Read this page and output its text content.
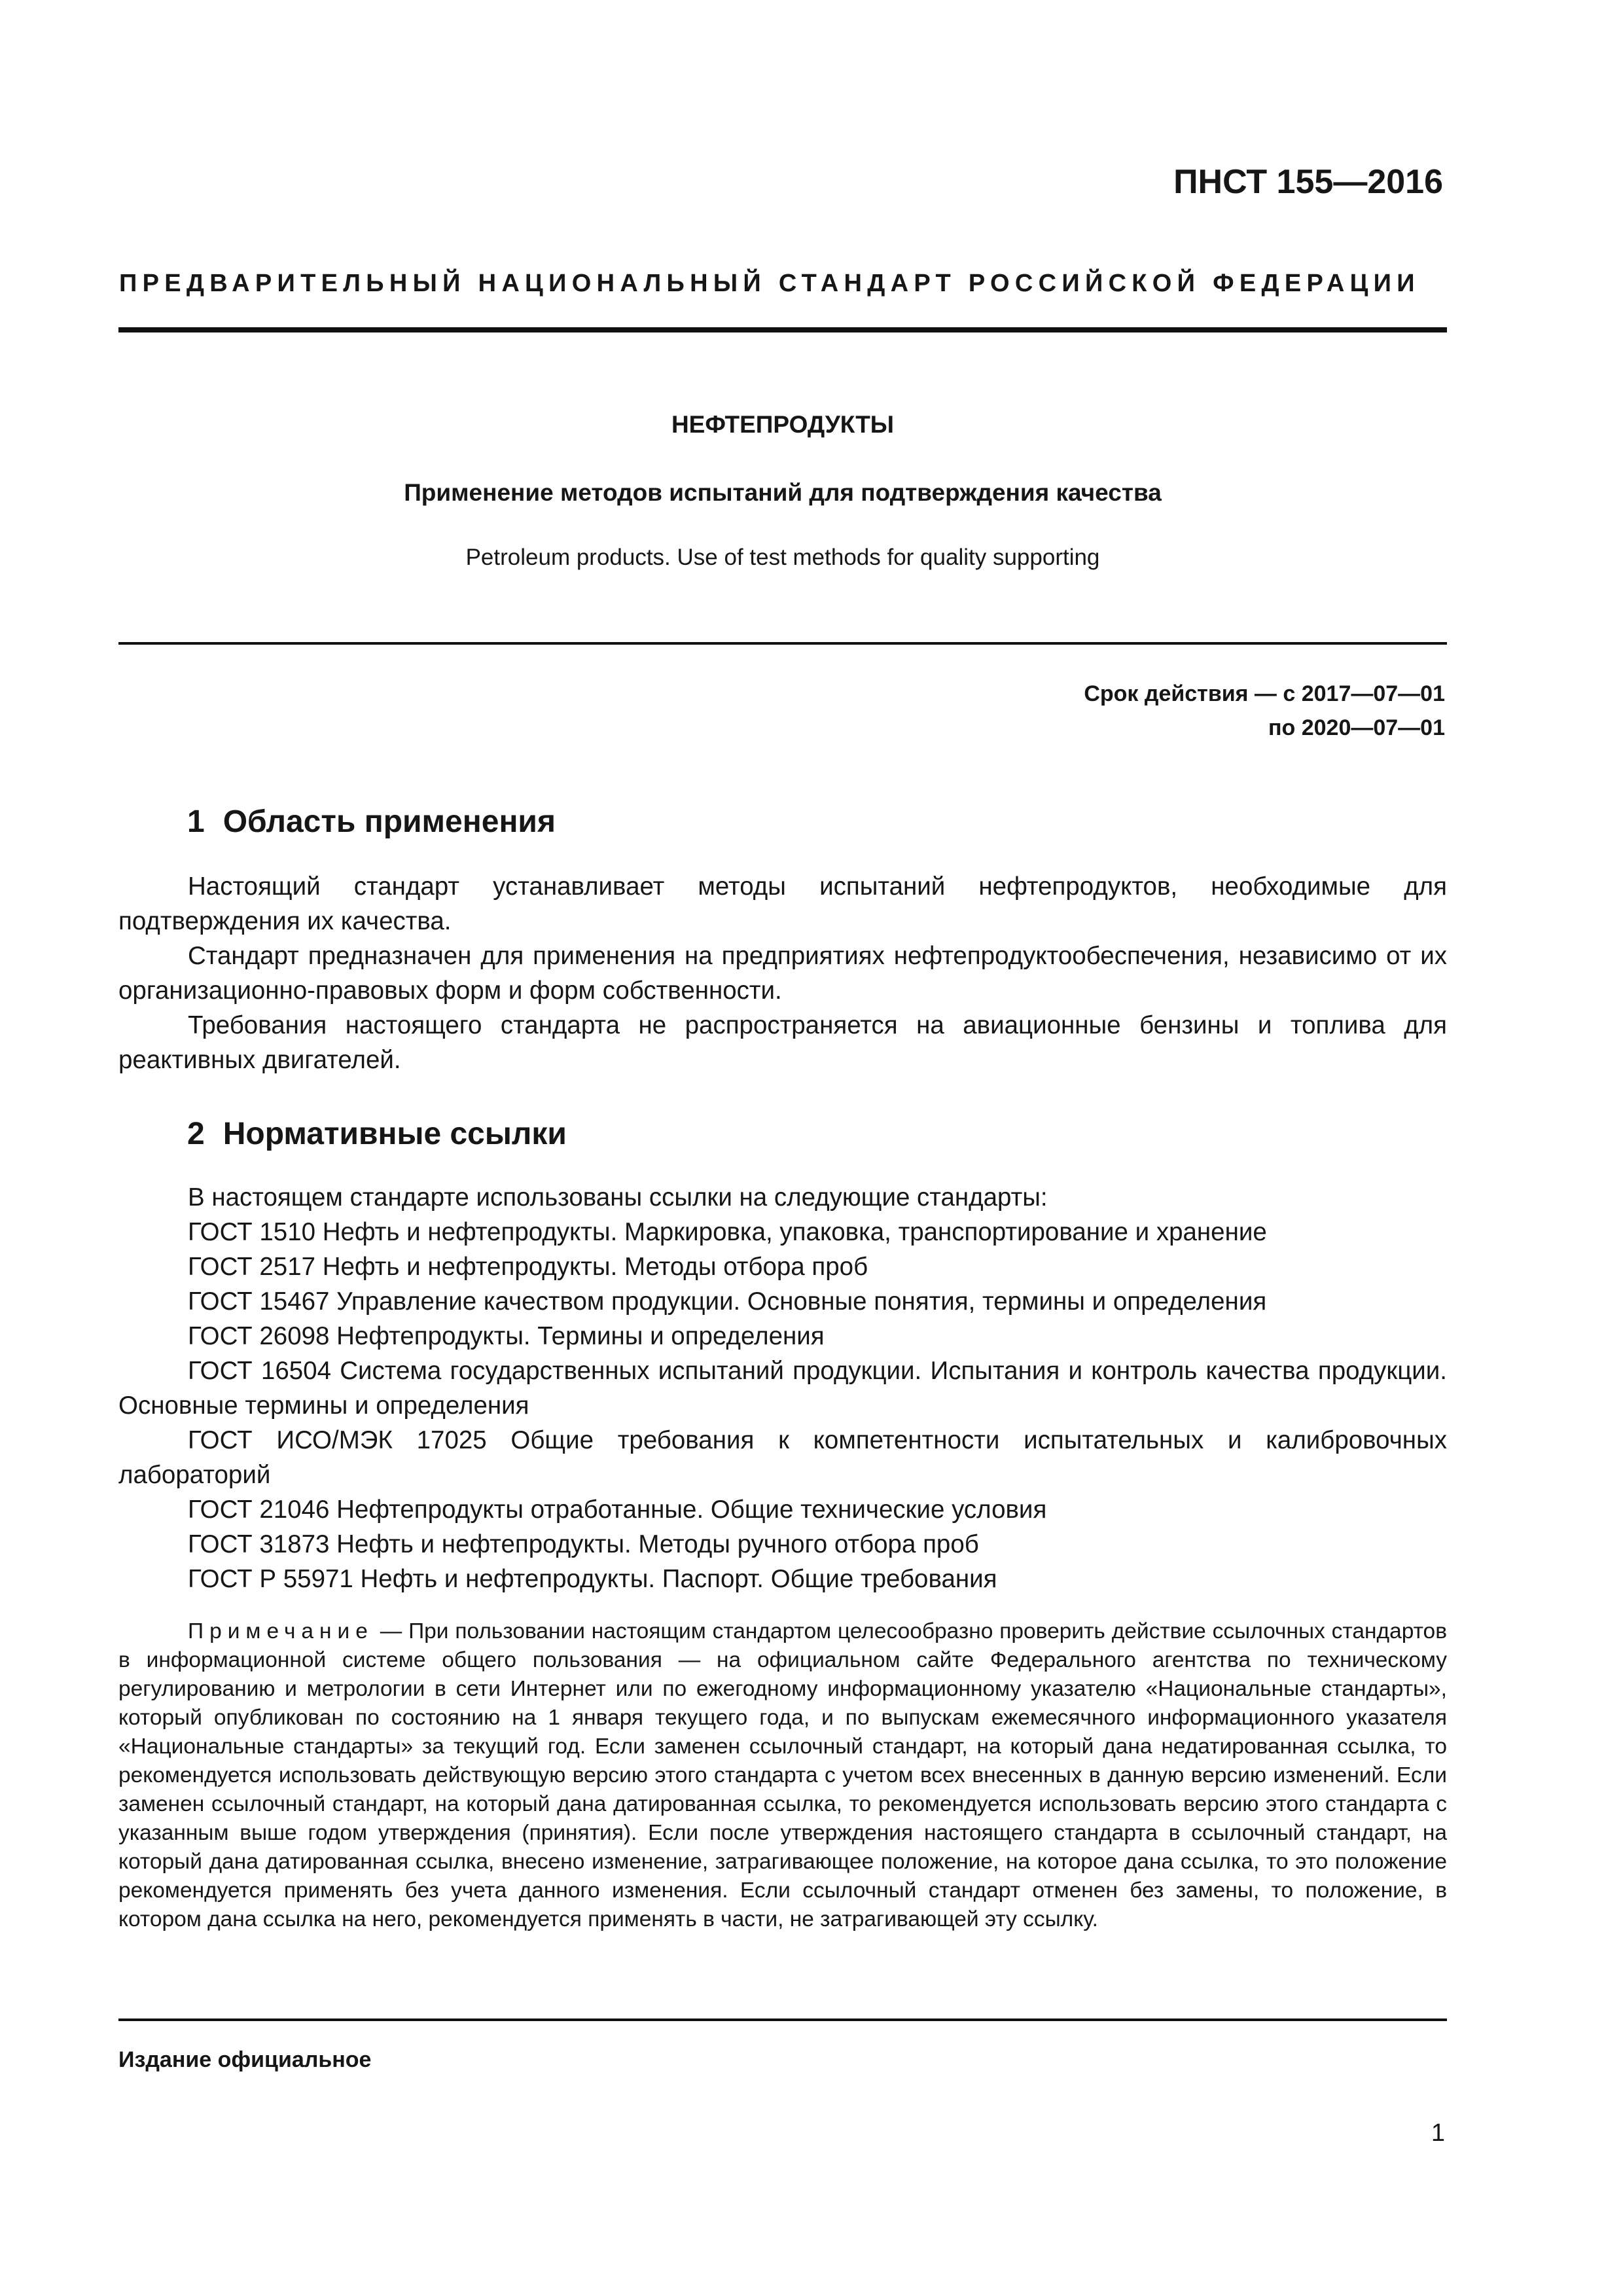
ПНСТ 155—2016
ПРЕДВАРИТЕЛЬНЫЙ НАЦИОНАЛЬНЫЙ СТАНДАРТ РОССИЙСКОЙ ФЕДЕРАЦИИ
НЕФТЕПРОДУКТЫ
Применение методов испытаний для подтверждения качества
Petroleum products. Use of test methods for quality supporting
Срок действия — с 2017—07—01
по 2020—07—01
1 Область применения

Настоящий стандарт устанавливает методы испытаний нефтепродуктов, необходимые для подтверждения их качества.

Стандарт предназначен для применения на предприятиях нефтепродуктообеспечения, независимо от их организационно-правовых форм и форм собственности.

Требования настоящего стандарта не распространяется на авиационные бензины и топлива для реактивных двигателей.

2 Нормативные ссылки

В настоящем стандарте использованы ссылки на следующие стандарты:

ГОСТ 1510 Нефть и нефтепродукты. Маркировка, упаковка, транспортирование и хранение

ГОСТ 2517 Нефть и нефтепродукты. Методы отбора проб

ГОСТ 15467 Управление качеством продукции. Основные понятия, термины и определения

ГОСТ 26098 Нефтепродукты. Термины и определения

ГОСТ 16504 Система государственных испытаний продукции. Испытания и контроль качества продукции. Основные термины и определения

ГОСТ ИСО/МЭК 17025 Общие требования к компетентности испытательных и калибровочных лабораторий

ГОСТ 21046 Нефтепродукты отработанные. Общие технические условия

ГОСТ 31873 Нефть и нефтепродукты. Методы ручного отбора проб

ГОСТ Р 55971 Нефть и нефтепродукты. Паспорт. Общие требования

Примечание — При пользовании настоящим стандартом целесообразно проверить действие ссылочных стандартов в информационной системе общего пользования — на официальном сайте Федерального агентства по техническому регулированию и метрологии в сети Интернет или по ежегодному информационному указателю «Национальные стандарты», который опубликован по состоянию на 1 января текущего года, и по выпускам ежемесячного информационного указателя «Национальные стандарты» за текущий год. Если заменен ссылочный стандарт, на который дана недатированная ссылка, то рекомендуется использовать действующую версию этого стандарта с учетом всех внесенных в данную версию изменений. Если заменен ссылочный стандарт, на который дана датированная ссылка, то рекомендуется использовать версию этого стандарта с указанным выше годом утверждения (принятия). Если после утверждения настоящего стандарта в ссылочный стандарт, на который дана датированная ссылка, внесено изменение, затрагивающее положение, на которое дана ссылка, то это положение рекомендуется применять без учета данного изменения. Если ссылочный стандарт отменен без замены, то положение, в котором дана ссылка на него, рекомендуется применять в части, не затрагивающей эту ссылку.
Издание официальное
1
